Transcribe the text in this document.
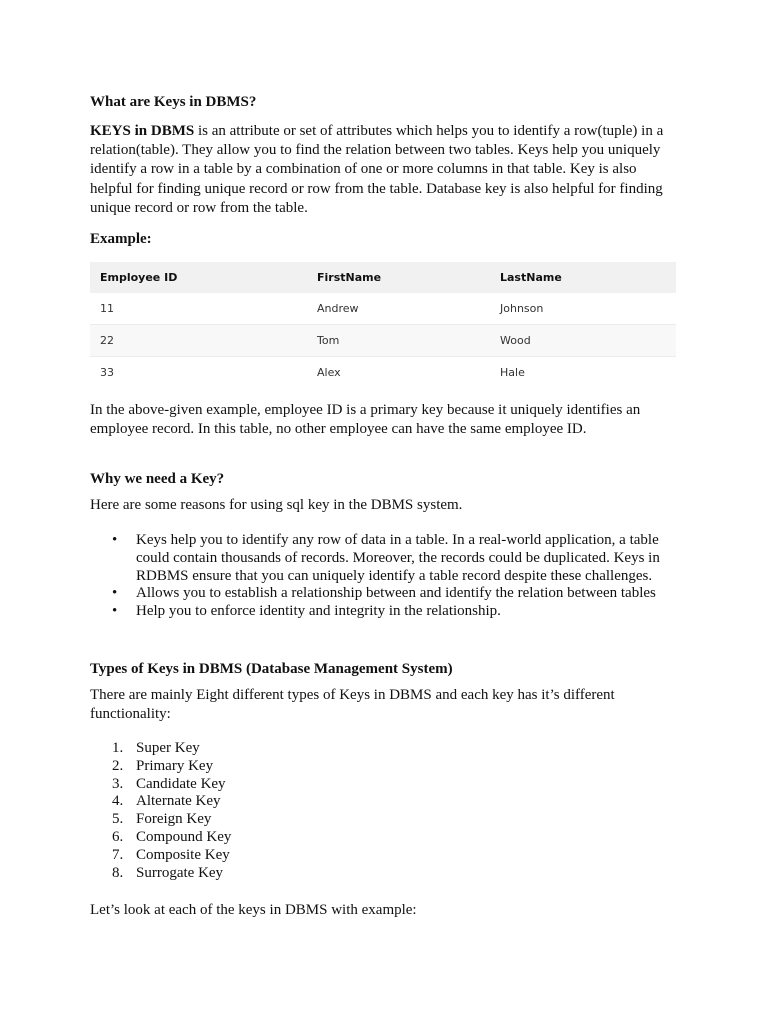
What are Keys in DBMS?
KEYS in DBMS is an attribute or set of attributes which helps you to identify a row(tuple) in a relation(table). They allow you to find the relation between two tables. Keys help you uniquely identify a row in a table by a combination of one or more columns in that table. Key is also helpful for finding unique record or row from the table. Database key is also helpful for finding unique record or row from the table.
Example:
Employee ID	FirstName	LastName
11	Andrew	Johnson
22	Tom	Wood
33	Alex	Hale
In the above-given example, employee ID is a primary key because it uniquely identifies an employee record. In this table, no other employee can have the same employee ID.
Why we need a Key?
Here are some reasons for using sql key in the DBMS system.
• Keys help you to identify any row of data in a table. In a real-world application, a table could contain thousands of records. Moreover, the records could be duplicated. Keys in RDBMS ensure that you can uniquely identify a table record despite these challenges.
• Allows you to establish a relationship between and identify the relation between tables
• Help you to enforce identity and integrity in the relationship.
Types of Keys in DBMS (Database Management System)
There are mainly Eight different types of Keys in DBMS and each key has it’s different functionality:
1. Super Key
2. Primary Key
3. Candidate Key
4. Alternate Key
5. Foreign Key
6. Compound Key
7. Composite Key
8. Surrogate Key
Let’s look at each of the keys in DBMS with example:
